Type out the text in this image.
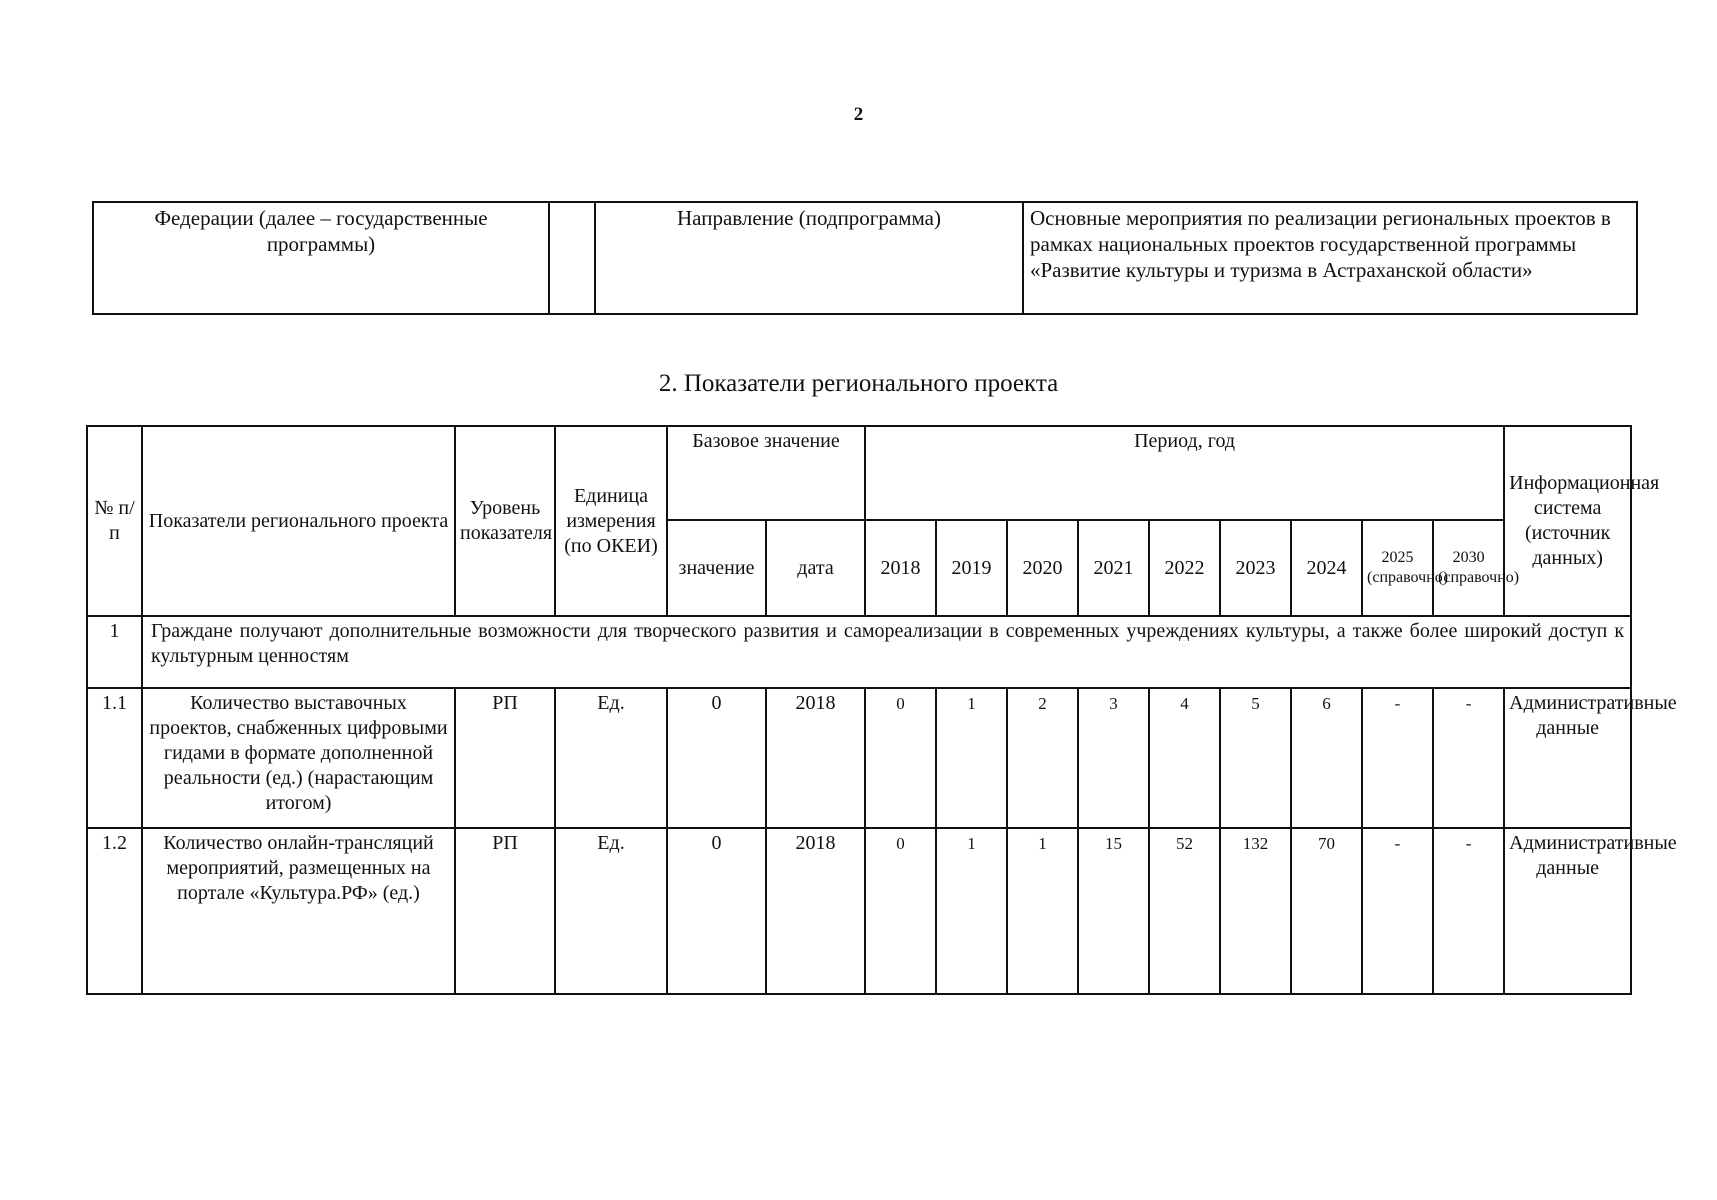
2
Федерации (далее – государственные программы)		Направление (подпрограмма)	Основные мероприятия по реализации региональных проектов в рамках национальных проектов государственной программы «Развитие культуры и туризма в Астраханской области»
2. Показатели регионального проекта
№ п/п	Показатели регионального проекта	Уровень показателя	Единица измерения (по ОКЕИ)	Базовое значение		Период, год									Информационная система (источник данных)
				значение	дата	2018	2019	2020	2021	2022	2023	2024	2025 (справочно)	2030 (справочно)	
1	Граждане получают дополнительные возможности для творческого развития и самореализации в современных учреждениях культуры, а также более широкий доступ к культурным ценностям														
1.1	Количество выставочных проектов, снабженных цифровыми гидами в формате дополненной реальности (ед.) (нарастающим итогом)	РП	Ед.	0	2018	0	1	2	3	4	5	6	-	-	Административные данные
1.2	Количество онлайн-трансляций мероприятий, размещенных на портале «Культура.РФ» (ед.)	РП	Ед.	0	2018	0	1	1	15	52	132	70	-	-	Административные данные
